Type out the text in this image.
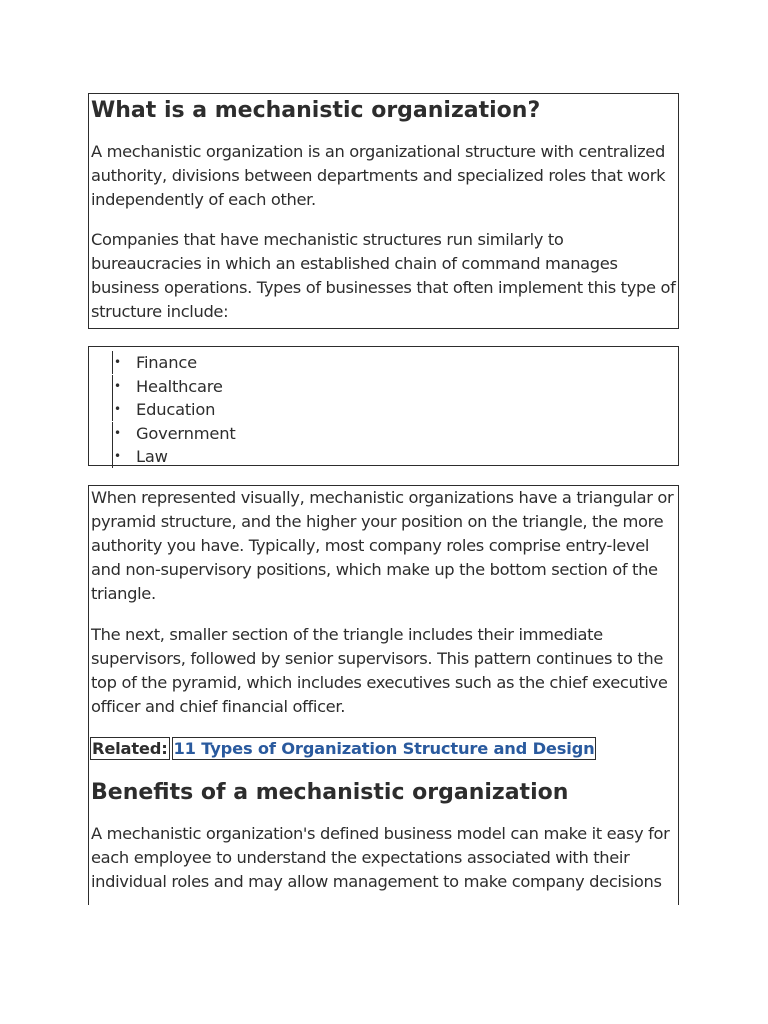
What is a mechanistic organization?

A mechanistic organization is an organizational structure with centralized authority, divisions between departments and specialized roles that work independently of each other.

Companies that have mechanistic structures run similarly to bureaucracies in which an established chain of command manages business operations. Types of businesses that often implement this type of structure include:

• Finance
• Healthcare
• Education
• Government
• Law

When represented visually, mechanistic organizations have a triangular or pyramid structure, and the higher your position on the triangle, the more authority you have. Typically, most company roles comprise entry-level and non-supervisory positions, which make up the bottom section of the triangle.

The next, smaller section of the triangle includes their immediate supervisors, followed by senior supervisors. This pattern continues to the top of the pyramid, which includes executives such as the chief executive officer and chief financial officer.

Related: 11 Types of Organization Structure and Design
Benefits of a mechanistic organization

A mechanistic organization's defined business model can make it easy for each employee to understand the expectations associated with their individual roles and may allow management to make company decisions
